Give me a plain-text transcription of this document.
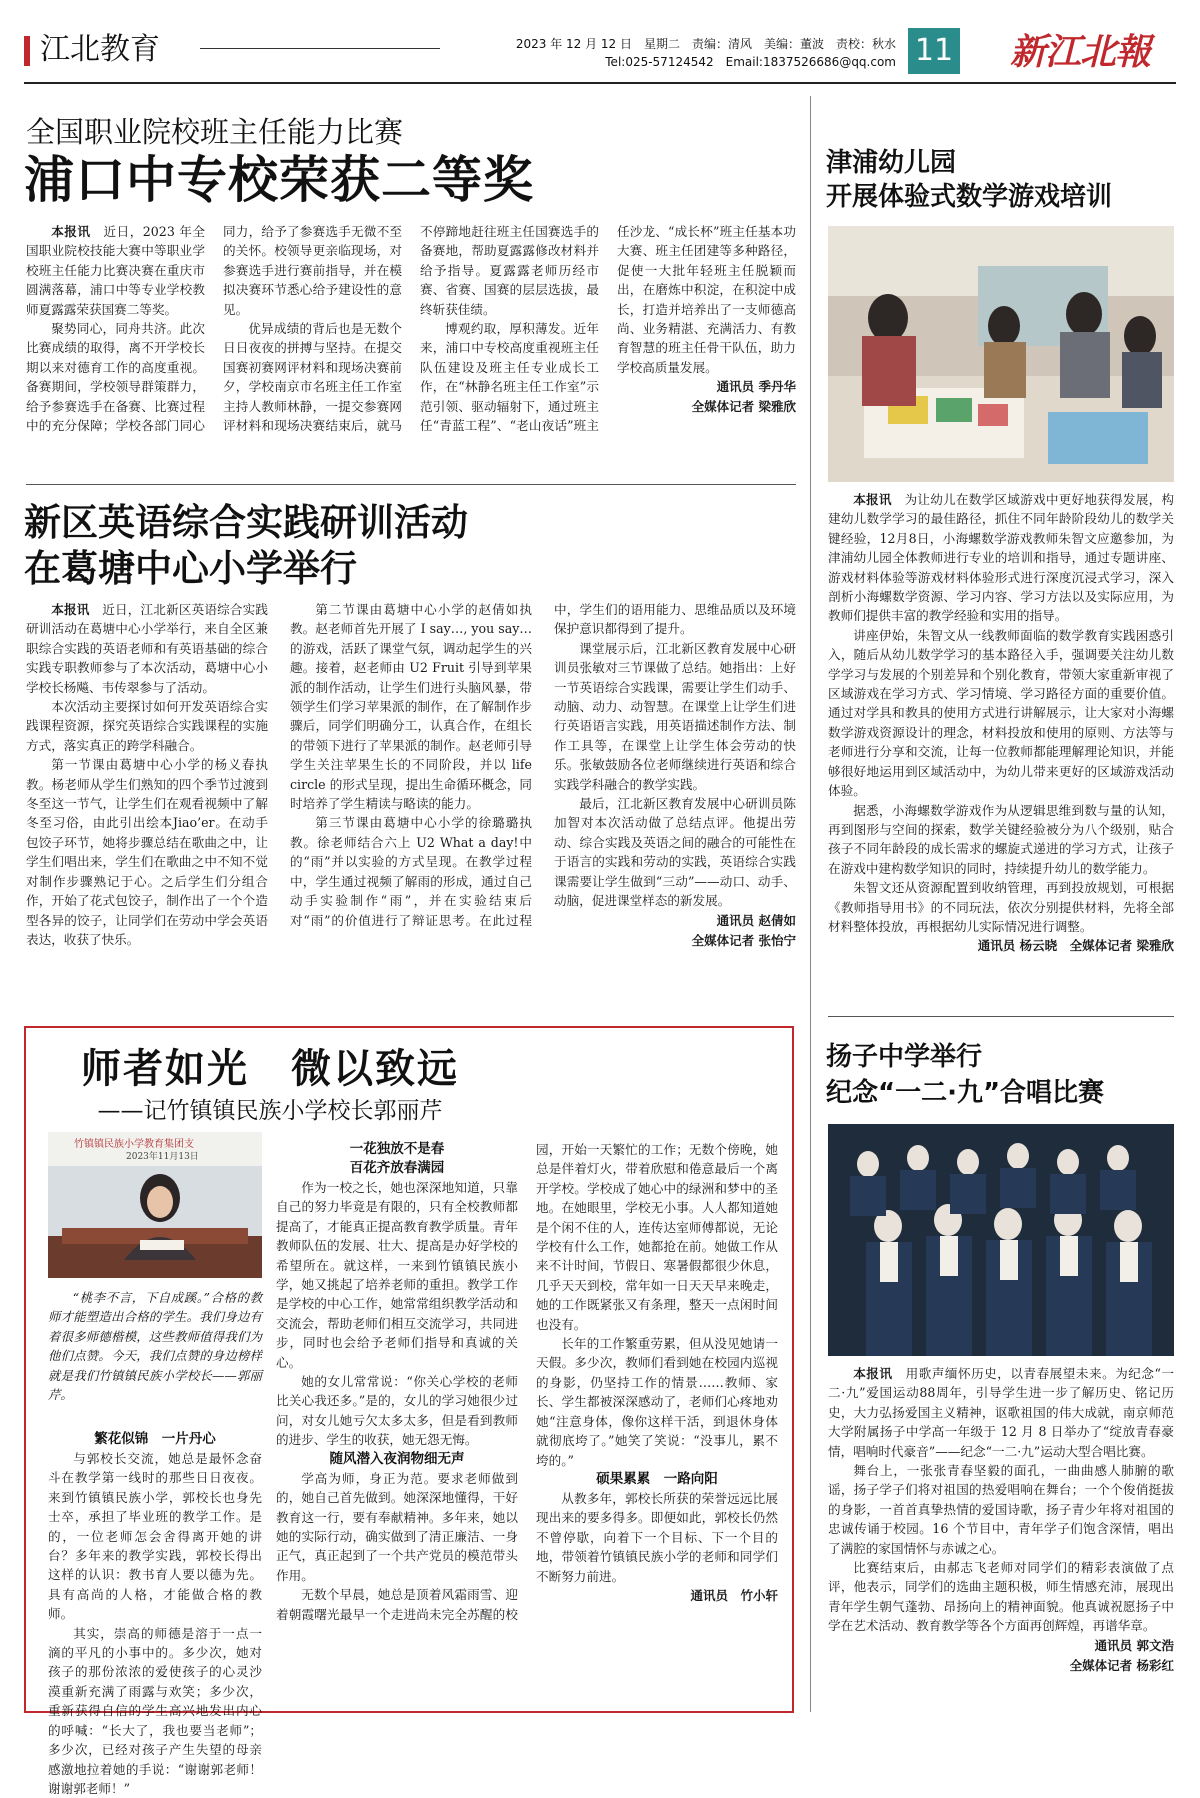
江北教育	2023 年 12 月 12 日　星期二　责编：清风　美编：董波　责校：秋水
Tel:025-57124542　Email:1837526686@qq.com 11 新江北報
全国职业院校班主任能力比赛
浦口中专校荣获二等奖

本报讯　 近日，2023 年全国职业院校技能大赛中等职业学校班主任能力比赛决赛在重庆市圆满落幕，浦口中等专业学校教师夏露露荣获国赛二等奖。

聚势同心，同舟共济。此次比赛成绩的取得，离不开学校长期以来对德育工作的高度重视。备赛期间，学校领导群策群力，给予参赛选手在备赛、比赛过程中的充分保障；学校各部门同心同力，给予了参赛选手无微不至的关怀。校领导更亲临现场，对参赛选手进行赛前指导，并在模拟决赛环节悉心给予建设性的意见。

优异成绩的背后也是无数个日日夜夜的拼搏与坚持。在提交国赛初赛网评材料和现场决赛前夕，学校南京市名班主任工作室主持人教师林静，一提交参赛网评材料和现场决赛结束后，就马不停蹄地赶往班主任国赛选手的备赛地，帮助夏露露修改材料并给予指导。夏露露老师历经市赛、省赛、国赛的层层选拔，最终斩获佳绩。

博观约取，厚积薄发。近年来，浦口中专校高度重视班主任队伍建设及班主任专业成长工作，在“林静名班主任工作室”示范引领、驱动辐射下，通过班主任“青蓝工程”、“老山夜话”班主任沙龙、“成长杯”班主任基本功大赛、班主任团建等多种路径，促使一大批年轻班主任脱颖而出，在磨炼中积淀，在积淀中成长，打造并培养出了一支师德高尚、业务精湛、充满活力、有教育智慧的班主任骨干队伍，助力学校高质量发展。

通讯员 季丹华
全媒体记者 梁雅欣
新区英语综合实践研训活动
在葛塘中心小学举行

本报讯　 近日，江北新区英语综合实践研训活动在葛塘中心小学举行，来自全区兼职综合实践的英语老师和有英语基础的综合实践专职教师参与了本次活动，葛塘中心小学校长杨飚、韦传翠参与了活动。

本次活动主要探讨如何开发英语综合实践课程资源，探究英语综合实践课程的实施方式，落实真正的跨学科融合。

第一节课由葛塘中心小学的杨义春执教。杨老师从学生们熟知的四个季节过渡到冬至这一节气，让学生们在观看视频中了解冬至习俗，由此引出绘本Jiao’er。在动手包饺子环节，她将步骤总结在歌曲之中，让学生们唱出来，学生们在歌曲之中不知不觉对制作步骤熟记于心。之后学生们分组合作，开始了花式包饺子，制作出了一个个造型各异的饺子，让同学们在劳动中学会英语表达，收获了快乐。

第二节课由葛塘中心小学的赵倩如执教。赵老师首先开展了 I say…, you say… 的游戏，活跃了课堂气氛，调动起学生的兴趣。接着，赵老师由 U2 Fruit 引导到苹果派的制作活动，让学生们进行头脑风暴，带领学生们学习苹果派的制作，在了解制作步骤后，同学们明确分工，认真合作，在组长的带领下进行了苹果派的制作。赵老师引导学生关注苹果生长的不同阶段，并以 life circle 的形式呈现，提出生命循环概念，同时培养了学生精读与略读的能力。

第三节课由葛塘中心小学的徐璐璐执教。徐老师结合六上 U2 What a day!中的“雨”并以实验的方式呈现。在教学过程中，学生通过视频了解雨的形成，通过自己动手实验制作“雨”，并在实验结束后对“雨”的价值进行了辩证思考。在此过程中，学生们的语用能力、思维品质以及环境保护意识都得到了提升。

课堂展示后，江北新区教育发展中心研训员张敏对三节课做了总结。她指出：上好一节英语综合实践课，需要让学生们动手、动脑、动力、动智慧。在课堂上让学生们进行英语语言实践，用英语描述制作方法、制作工具等，在课堂上让学生体会劳动的快乐。张敏鼓励各位老师继续进行英语和综合实践学科融合的教学实践。

最后，江北新区教育发展中心研训员陈加智对本次活动做了总结点评。他提出劳动、综合实践及英语之间的融合的可能性在于语言的实践和劳动的实践，英语综合实践课需要让学生做到“三动”——动口、动手、动脑，促进课堂样态的新发展。

通讯员 赵倩如
全媒体记者 张怡宁
师者如光　微以致远
——记竹镇镇民族小学校长郭丽芹
竹镇镇民族小学教育集团支
2023年11月13日
“桃李不言，下自成蹊。”合格的教师才能塑造出合格的学生。我们身边有着很多师德楷模，这些教师值得我们为他们点赞。今天，我们点赞的身边榜样就是我们竹镇镇民族小学校长——郭丽芹。
繁花似锦　一片丹心

与郭校长交流，她总是最怀念奋斗在教学第一线时的那些日日夜夜。来到竹镇镇民族小学，郭校长也身先士卒，承担了毕业班的教学工作。是的，一位老师怎会舍得离开她的讲台？多年来的教学实践，郭校长得出这样的认识：教书育人要以德为先。具有高尚的人格，才能做合格的教师。

其实，崇高的师德是溶于一点一滴的平凡的小事中的。多少次，她对孩子的那份浓浓的爱使孩子的心灵沙漠重新充满了雨露与欢笑；多少次，重新获得自信的学生高兴地发出内心的呼喊：“长大了，我也要当老师”；多少次，已经对孩子产生失望的母亲感激地拉着她的手说：“谢谢郭老师！谢谢郭老师！”

一花独放不是春
百花齐放春满园

作为一校之长，她也深深地知道，只靠自己的努力毕竟是有限的，只有全校教师都提高了，才能真正提高教育教学质量。青年教师队伍的发展、壮大、提高是办好学校的希望所在。就这样，一来到竹镇镇民族小学，她又挑起了培养老师的重担。教学工作是学校的中心工作，她常常组织教学活动和交流会，帮助老师们相互交流学习，共同进步，同时也会给予老师们指导和真诚的关心。

她的女儿常常说：“你关心学校的老师比关心我还多。”是的，女儿的学习她很少过问，对女儿她亏欠太多太多，但是看到教师的进步、学生的收获，她无怨无悔。

随风潜入夜润物细无声

学高为师，身正为范。要求老师做到的，她自己首先做到。她深深地懂得，干好教育这一行，要有奉献精神。多年来，她以她的实际行动，确实做到了清正廉洁、一身正气，真正起到了一个共产党员的模范带头作用。

无数个早晨，她总是顶着风霜雨雪、迎着朝霞曙光最早一个走进尚未完全苏醒的校园，开始一天繁忙的工作；无数个傍晚，她总是伴着灯火，带着欣慰和倦意最后一个离开学校。学校成了她心中的绿洲和梦中的圣地。在她眼里，学校无小事。人人都知道她是个闲不住的人，连传达室师傅都说，无论学校有什么工作，她都抢在前。她做工作从来不计时间，节假日、寒暑假都很少休息，几乎天天到校，常年如一日天天早来晚走，她的工作既紧张又有条理，整天一点闲时间也没有。

长年的工作繁重劳累，但从没见她请一天假。多少次，教师们看到她在校园内巡视的身影，仍坚持工作的情景……教师、家长、学生都被深深感动了，老师们心疼地劝她“注意身体，像你这样干活，到退休身体就彻底垮了。”她笑了笑说：“没事儿，累不垮的。”

硕果累累　一路向阳

从教多年，郭校长所获的荣誉远远比展现出来的要多得多。即便如此，郭校长仍然不曾停歇，向着下一个目标、下一个目的地，带领着竹镇镇民族小学的老师和同学们不断努力前进。

通讯员　竹小轩
津浦幼儿园
开展体验式数学游戏培训

本报讯　 为让幼儿在数学区域游戏中更好地获得发展，构建幼儿数学学习的最佳路径，抓住不同年龄阶段幼儿的数学关键经验，12月8日，小海螺数学游戏教师朱智文应邀参加，为津浦幼儿园全体教师进行专业的培训和指导，通过专题讲座、游戏材料体验等游戏材料体验形式进行深度沉浸式学习，深入剖析小海螺数学资源、学习内容、学习方法以及实际应用，为教师们提供丰富的教学经验和实用的指导。

讲座伊始，朱智文从一线教师面临的数学教育实践困惑引入，随后从幼儿数学学习的基本路径入手，强调要关注幼儿数学学习与发展的个别差异和个别化教育，带领大家重新审视了区域游戏在学习方式、学习情境、学习路径方面的重要价值。通过对学具和教具的使用方式进行讲解展示，让大家对小海螺数学游戏资源设计的理念，材料投放和使用的原则、方法等与老师进行分享和交流，让每一位教师都能理解理论知识，并能够很好地运用到区域活动中，为幼儿带来更好的区域游戏活动体验。

据悉，小海螺数学游戏作为从逻辑思维到数与量的认知，再到图形与空间的探索，数学关键经验被分为八个级别，贴合孩子不同年龄段的成长需求的螺旋式递进的学习方式，让孩子在游戏中建构数学知识的同时，持续提升幼儿的数学能力。

朱智文还从资源配置到收纳管理，再到投放规划，可根据《教师指导用书》的不同玩法，依次分别提供材料，先将全部材料整体投放，再根据幼儿实际情况进行调整。

通讯员 杨云晓　 全媒体记者 梁雅欣
扬子中学举行
纪念“一二·九”合唱比赛

本报讯　 用歌声缅怀历史，以青春展望未来。为纪念“一二·九”爱国运动88周年，引导学生进一步了解历史、铭记历史，大力弘扬爱国主义精神，讴歌祖国的伟大成就，南京师范大学附属扬子中学高一年级于 12 月 8 日举办了“绽放青春豪情，唱响时代豪音”——纪念“一二·九”运动大型合唱比赛。

舞台上，一张张青春坚毅的面孔，一曲曲感人肺腑的歌谣，扬子学子们将对祖国的热爱唱响在舞台；一个个俊俏挺拔的身影，一首首真挚热情的爱国诗歌，扬子青少年将对祖国的忠诚传诵于校园。16 个节目中，青年学子们饱含深情，唱出了满腔的家国情怀与赤诚之心。

比赛结束后，由郝志飞老师对同学们的精彩表演做了点评，他表示，同学们的选曲主题积极，师生情感充沛，展现出青年学生朝气蓬勃、昂扬向上的精神面貌。他真诚祝愿扬子中学在艺术活动、教育教学等各个方面再创辉煌，再谱华章。

通讯员 郭文浩
全媒体记者 杨彩红
